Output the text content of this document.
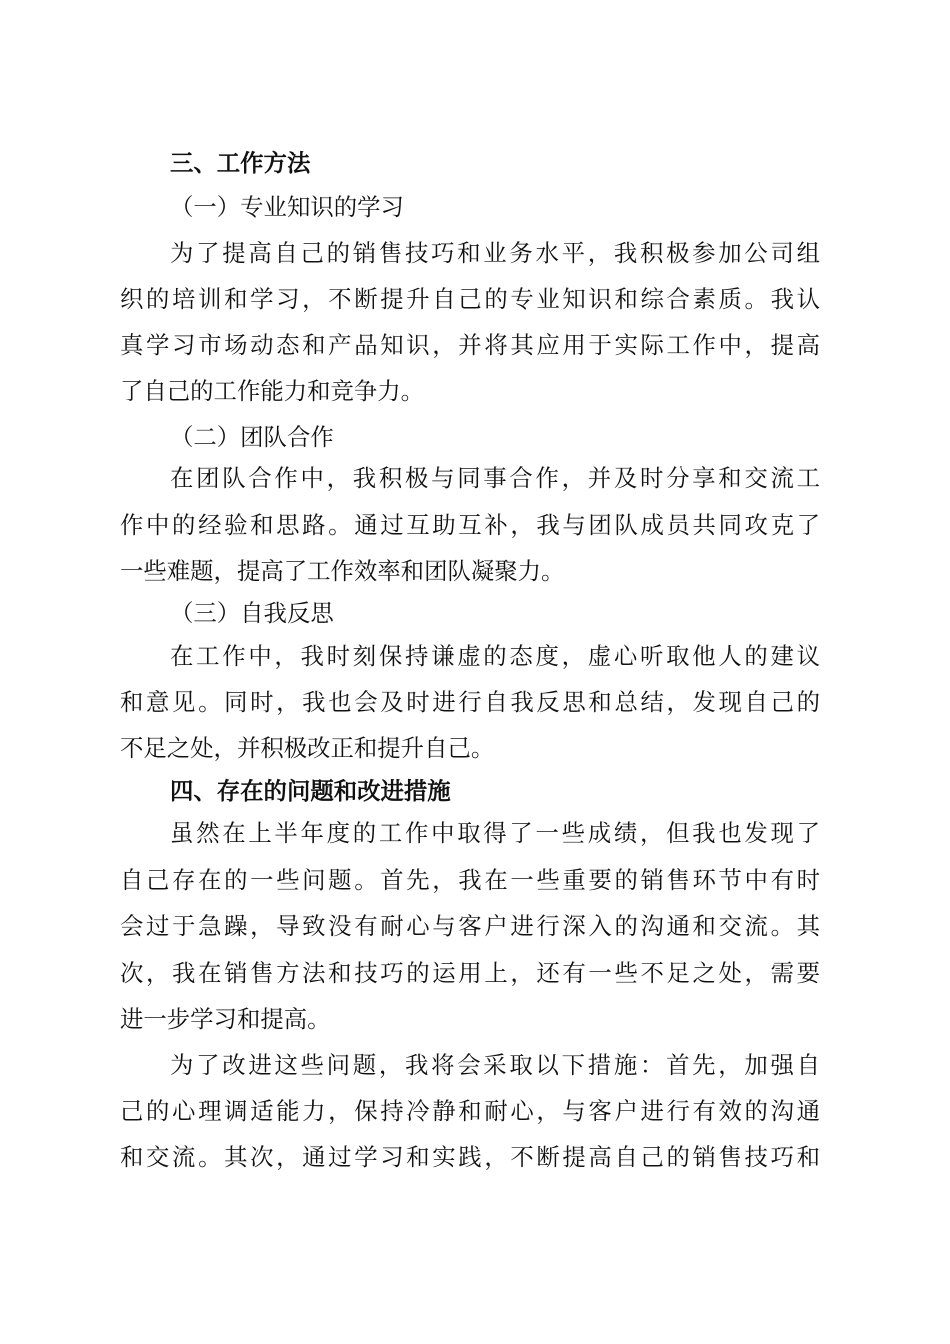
三、工作方法
（一）专业知识的学习
为了提高自己的销售技巧和业务水平，我积极参加公司组
织的培训和学习，不断提升自己的专业知识和综合素质。我认
真学习市场动态和产品知识，并将其应用于实际工作中，提高
了自己的工作能力和竞争力。
（二）团队合作
在团队合作中，我积极与同事合作，并及时分享和交流工
作中的经验和思路。通过互助互补，我与团队成员共同攻克了
一些难题，提高了工作效率和团队凝聚力。
（三）自我反思
在工作中，我时刻保持谦虚的态度，虚心听取他人的建议
和意见。同时，我也会及时进行自我反思和总结，发现自己的
不足之处，并积极改正和提升自己。
四、存在的问题和改进措施
虽然在上半年度的工作中取得了一些成绩，但我也发现了
自己存在的一些问题。首先，我在一些重要的销售环节中有时
会过于急躁，导致没有耐心与客户进行深入的沟通和交流。其
次，我在销售方法和技巧的运用上，还有一些不足之处，需要
进一步学习和提高。
为了改进这些问题，我将会采取以下措施：首先，加强自
己的心理调适能力，保持冷静和耐心，与客户进行有效的沟通
和交流。其次，通过学习和实践，不断提高自己的销售技巧和
